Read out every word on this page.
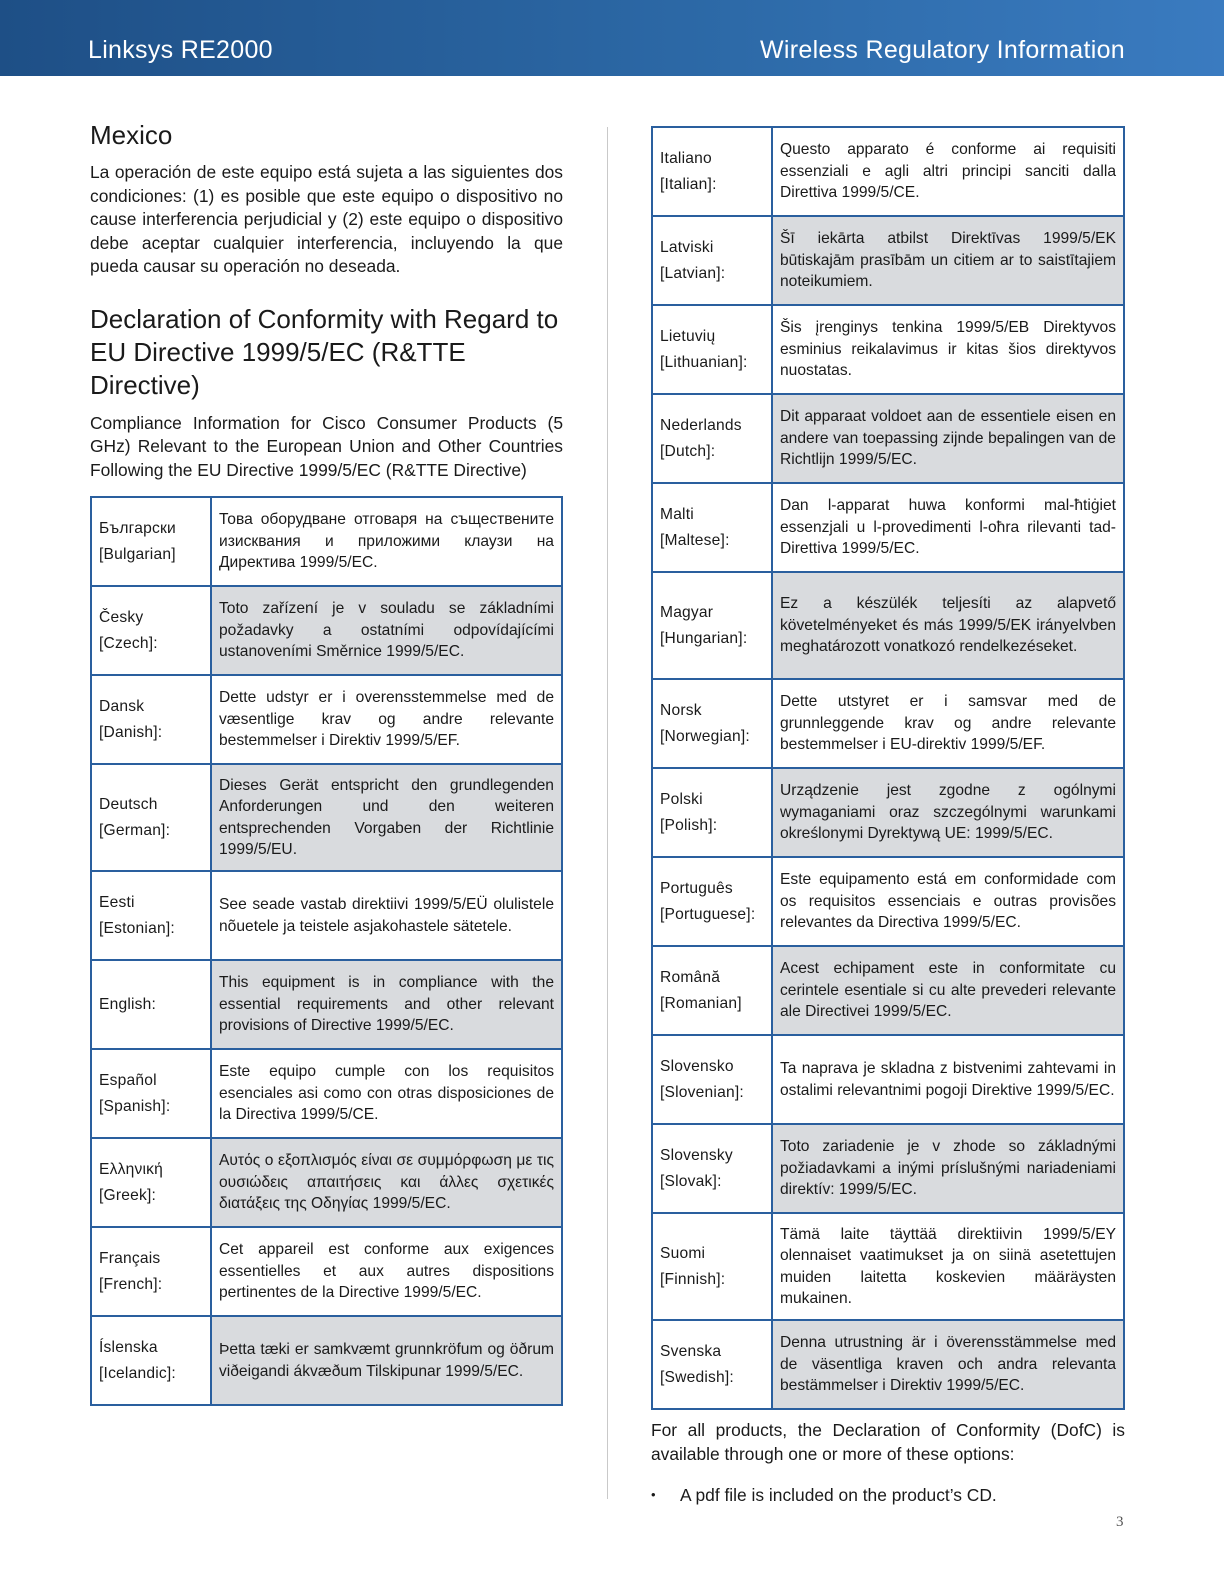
Linksys RE2000	Wireless Regulatory Information
Mexico

La operación de este equipo está sujeta a las siguientes dos condiciones: (1) es posible que este equipo o dispositivo no cause interferencia perjudicial y (2) este equipo o dispositivo debe aceptar cualquier interferencia, incluyendo la que pueda causar su operación no deseada.

Declaration of Conformity with Regard to EU Directive 1999/5/EC (R&TTE Directive)

Compliance Information for Cisco Consumer Products (5 GHz) Relevant to the European Union and Other Countries Following the EU Directive 1999/5/EC (R&TTE Directive)

Български
[Bulgarian]	Това оборудване отговаря на съществените изисквания и приложими клаузи на Директива 1999/5/ЕС.

Česky
[Czech]:	Toto zařízení je v souladu se základními požadavky a ostatními odpovídajícími ustanoveními Směrnice 1999/5/EC.

Dansk
[Danish]:	Dette udstyr er i overensstemmelse med de væsentlige krav og andre relevante bestemmelser i Direktiv 1999/5/EF.

Deutsch
[German]:	Dieses Gerät entspricht den grundlegenden Anforderungen und den weiteren entsprechenden Vorgaben der Richtlinie 1999/5/EU.

Eesti
[Estonian]:	See seade vastab direktiivi 1999/5/EÜ olulistele nõuetele ja teistele asjakohastele sätetele.

English:	This equipment is in compliance with the essential requirements and other relevant provisions of Directive 1999/5/EC.

Español
[Spanish]:	Este equipo cumple con los requisitos esenciales asi como con otras disposiciones de la Directiva 1999/5/CE.

Ελληνική
[Greek]:	Αυτός ο εξοπλισμός είναι σε συμμόρφωση με τις ουσιώδεις απαιτήσεις και άλλες σχετικές διατάξεις της Οδηγίας 1999/5/EC.

Français
[French]:	Cet appareil est conforme aux exigences essentielles et aux autres dispositions pertinentes de la Directive 1999/5/EC.

Íslenska
[Icelandic]:	Þetta tæki er samkvæmt grunnkröfum og öðrum viðeigandi ákvæðum Tilskipunar 1999/5/EC.
Italiano
[Italian]:	Questo apparato é conforme ai requisiti essenziali e agli altri principi sanciti dalla Direttiva 1999/5/CE.

Latviski
[Latvian]:	Šī iekārta atbilst Direktīvas 1999/5/EK būtiskajām prasībām un citiem ar to saistītajiem noteikumiem.

Lietuvių
[Lithuanian]:	Šis įrenginys tenkina 1999/5/EB Direktyvos esminius reikalavimus ir kitas šios direktyvos nuostatas.

Nederlands
[Dutch]:	Dit apparaat voldoet aan de essentiele eisen en andere van toepassing zijnde bepalingen van de Richtlijn 1999/5/EC.

Malti
[Maltese]:	Dan l-apparat huwa konformi mal-ħtiġiet essenzjali u l-provedimenti l-oħra rilevanti tad-Direttiva 1999/5/EC.

Magyar
[Hungarian]:	Ez a készülék teljesíti az alapvető követelményeket és más 1999/5/EK irányelvben meghatározott vonatkozó rendelkezéseket.

Norsk
[Norwegian]:	Dette utstyret er i samsvar med de grunnleggende krav og andre relevante bestemmelser i EU-direktiv 1999/5/EF.

Polski
[Polish]:	Urządzenie jest zgodne z ogólnymi wymaganiami oraz szczególnymi warunkami określonymi Dyrektywą UE: 1999/5/EC.

Português
[Portuguese]:	Este equipamento está em conformidade com os requisitos essenciais e outras provisões relevantes da Directiva 1999/5/EC.

Română
[Romanian]	Acest echipament este in conformitate cu cerintele esentiale si cu alte prevederi relevante ale Directivei 1999/5/EC.

Slovensko
[Slovenian]:	Ta naprava je skladna z bistvenimi zahtevami in ostalimi relevantnimi pogoji Direktive 1999/5/EC.

Slovensky
[Slovak]:	Toto zariadenie je v zhode so základnými požiadavkami a inými príslušnými nariadeniami direktív: 1999/5/EC.

Suomi
[Finnish]:	Tämä laite täyttää direktiivin 1999/5/EY olennaiset vaatimukset ja on siinä asetettujen muiden laitetta koskevien määräysten mukainen.

Svenska
[Swedish]:	Denna utrustning är i överensstämmelse med de väsentliga kraven och andra relevanta bestämmelser i Direktiv 1999/5/EC.

For all products, the Declaration of Conformity (DofC) is available through one or more of these options:

• A pdf file is included on the product’s CD.
3
